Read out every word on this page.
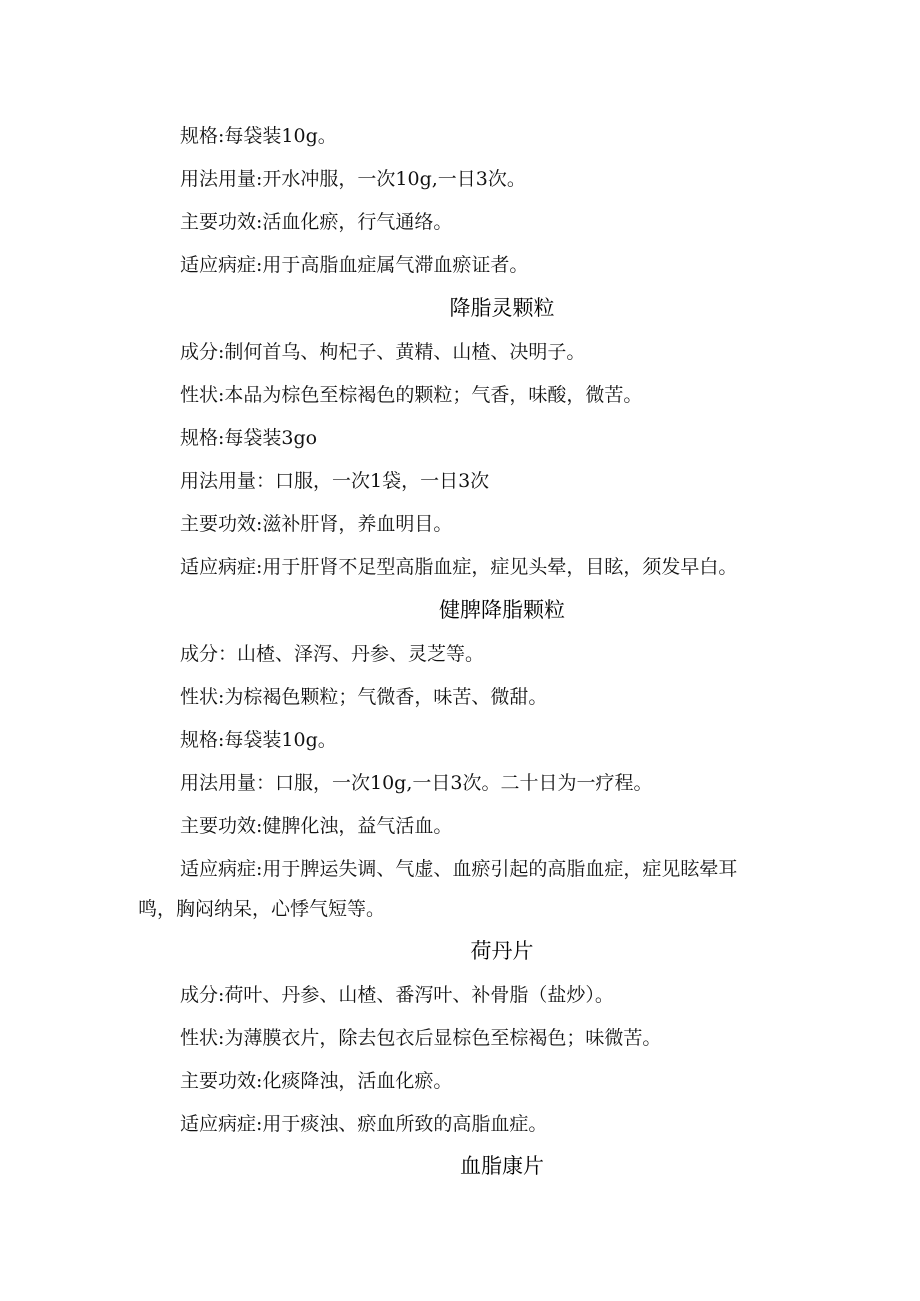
规格:每袋装10g。
用法用量:开水冲服，一次10g,一日3次。
主要功效:活血化瘀，行气通络。
适应病症:用于高脂血症属气滞血瘀证者。
降脂灵颗粒
成分:制何首乌、枸杞子、黄精、山楂、决明子。
性状:本品为棕色至棕褐色的颗粒；气香，味酸，微苦。
规格:每袋装3go
用法用量：口服，一次1袋，一日3次
主要功效:滋补肝肾，养血明目。
适应病症:用于肝肾不足型高脂血症，症见头晕，目眩，须发早白。
健脾降脂颗粒
成分：山楂、泽泻、丹参、灵芝等。
性状:为棕褐色颗粒；气微香，味苦、微甜。
规格:每袋装10g。
用法用量：口服，一次10g,一日3次。二十日为一疗程。
主要功效:健脾化浊，益气活血。
适应病症:用于脾运失调、气虚、血瘀引起的高脂血症，症见眩晕耳
鸣，胸闷纳呆，心悸气短等。
荷丹片
成分:荷叶、丹参、山楂、番泻叶、补骨脂（盐炒）。
性状:为薄膜衣片，除去包衣后显棕色至棕褐色；味微苦。
主要功效:化痰降浊，活血化瘀。
适应病症:用于痰浊、瘀血所致的高脂血症。
血脂康片
